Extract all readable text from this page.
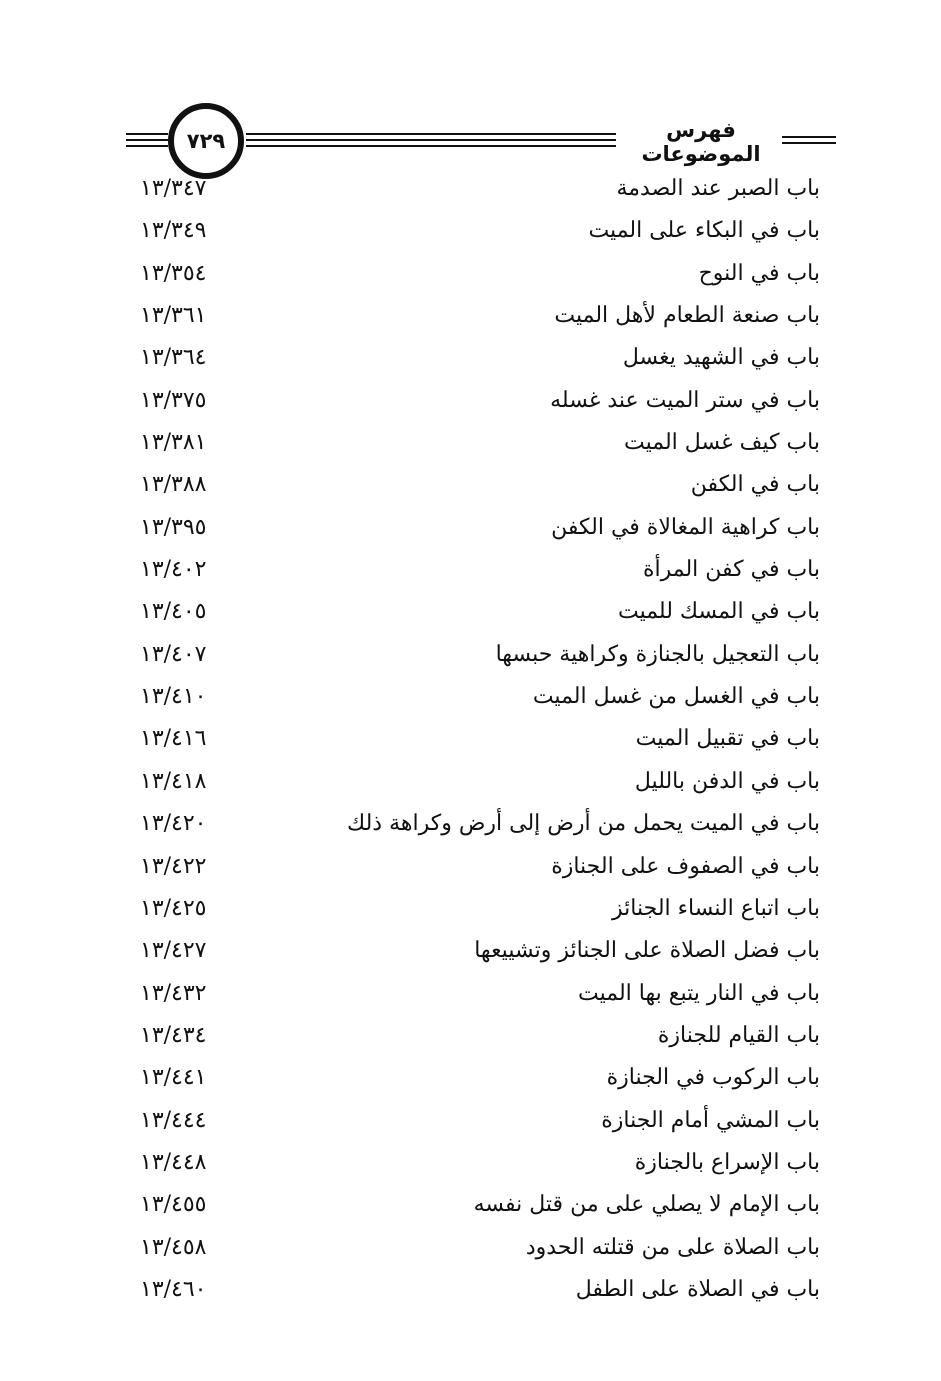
٧٢٩	فهرس الموضوعات
باب الصبر عند الصدمة
١٣/٣٤٧
باب في البكاء على الميت
١٣/٣٤٩
باب في النوح
١٣/٣٥٤
باب صنعة الطعام لأهل الميت
١٣/٣٦١
باب في الشهيد يغسل
١٣/٣٦٤
باب في ستر الميت عند غسله
١٣/٣٧٥
باب كيف غسل الميت
١٣/٣٨١
باب في الكفن
١٣/٣٨٨
باب كراهية المغالاة في الكفن
١٣/٣٩٥
باب في كفن المرأة
١٣/٤٠٢
باب في المسك للميت
١٣/٤٠٥
باب التعجيل بالجنازة وكراهية حبسها
١٣/٤٠٧
باب في الغسل من غسل الميت
١٣/٤١٠
باب في تقبيل الميت
١٣/٤١٦
باب في الدفن بالليل
١٣/٤١٨
باب في الميت يحمل من أرض إلى أرض وكراهة ذلك
١٣/٤٢٠
باب في الصفوف على الجنازة
١٣/٤٢٢
باب اتباع النساء الجنائز
١٣/٤٢٥
باب فضل الصلاة على الجنائز وتشييعها
١٣/٤٢٧
باب في النار يتبع بها الميت
١٣/٤٣٢
باب القيام للجنازة
١٣/٤٣٤
باب الركوب في الجنازة
١٣/٤٤١
باب المشي أمام الجنازة
١٣/٤٤٤
باب الإسراع بالجنازة
١٣/٤٤٨
باب الإمام لا يصلي على من قتل نفسه
١٣/٤٥٥
باب الصلاة على من قتلته الحدود
١٣/٤٥٨
باب في الصلاة على الطفل
١٣/٤٦٠
